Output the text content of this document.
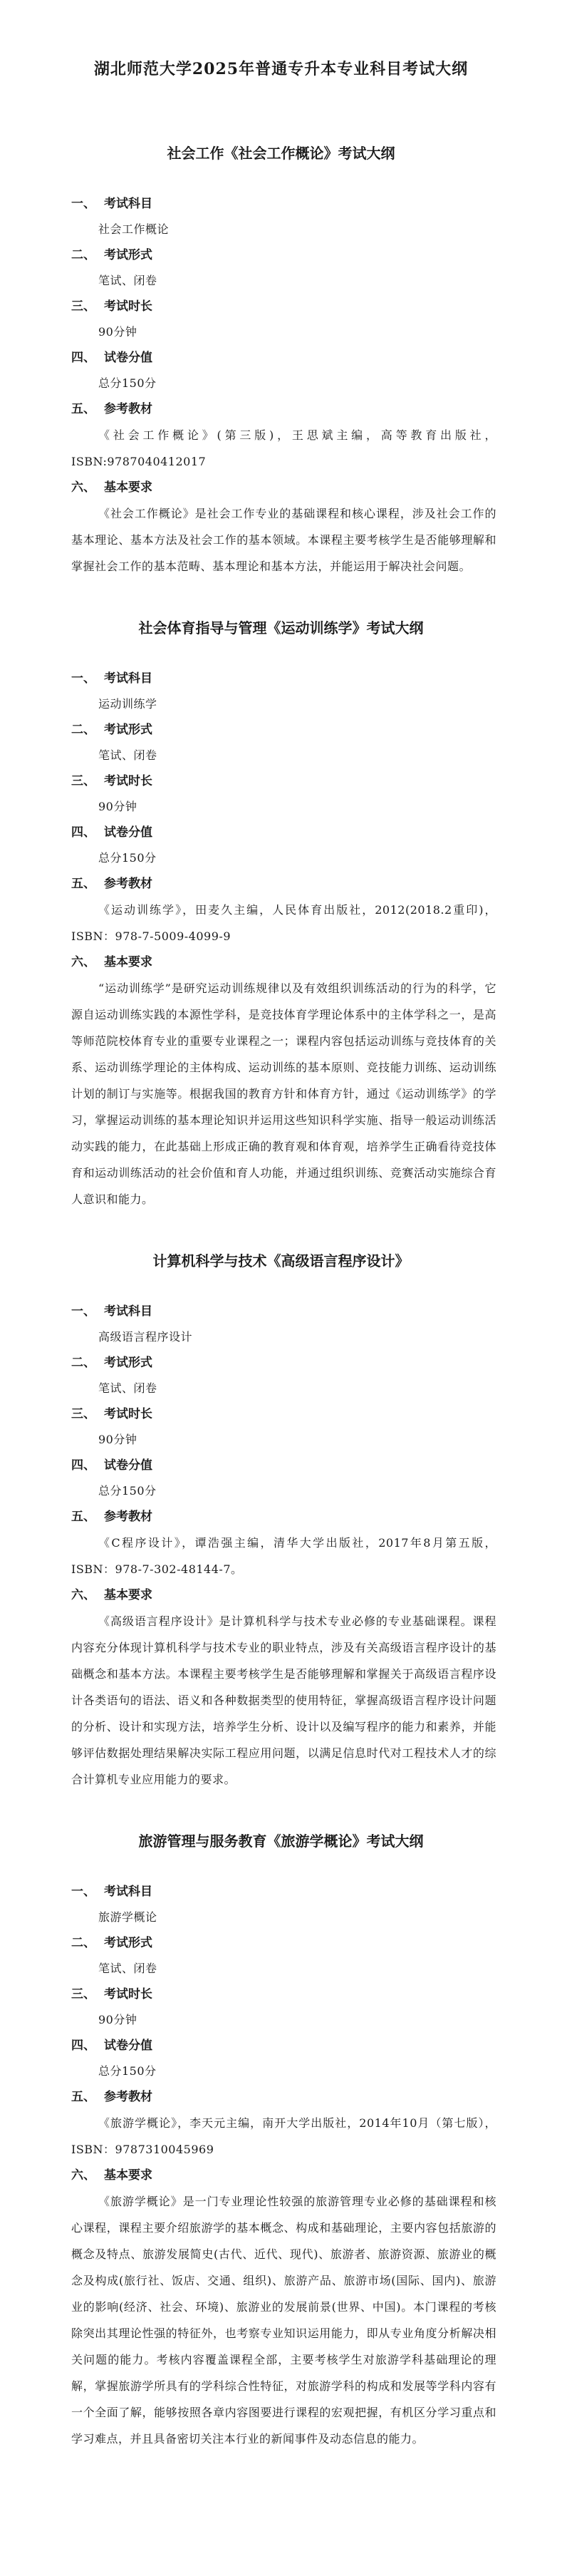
湖北师范大学2025年普通专升本专业科目考试大纲
社会工作《社会工作概论》考试大纲
一、 考试科目
社会工作概论
二、 考试形式
笔试、闭卷
三、 考试时长
90分钟
四、 试卷分值
总分150分
五、 参考教材
《社会工作概论》(第三版)，王思斌主编，高等教育出版社，ISBN:9787040412017
六、 基本要求
《社会工作概论》是社会工作专业的基础课程和核心课程，涉及社会工作的基本理论、基本方法及社会工作的基本领域。本课程主要考核学生是否能够理解和掌握社会工作的基本范畴、基本理论和基本方法，并能运用于解决社会问题。
社会体育指导与管理《运动训练学》考试大纲
一、 考试科目
运动训练学
二、 考试形式
笔试、闭卷
三、 考试时长
90分钟
四、 试卷分值
总分150分
五、 参考教材
《运动训练学》，田麦久主编，人民体育出版社，2012(2018.2重印)，ISBN：978-7-5009-4099-9
六、 基本要求
“运动训练学”是研究运动训练规律以及有效组织训练活动的行为的科学，它源自运动训练实践的本源性学科，是竞技体育学理论体系中的主体学科之一，是高等师范院校体育专业的重要专业课程之一；课程内容包括运动训练与竞技体育的关系、运动训练学理论的主体构成、运动训练的基本原则、竞技能力训练、运动训练计划的制订与实施等。根据我国的教育方针和体育方针，通过《运动训练学》的学习，掌握运动训练的基本理论知识并运用这些知识科学实施、指导一般运动训练活动实践的能力，在此基础上形成正确的教育观和体育观，培养学生正确看待竞技体育和运动训练活动的社会价值和育人功能，并通过组织训练、竞赛活动实施综合育人意识和能力。
计算机科学与技术《高级语言程序设计》
一、 考试科目
高级语言程序设计
二、 考试形式
笔试、闭卷
三、 考试时长
90分钟
四、 试卷分值
总分150分
五、 参考教材
《C程序设计》，谭浩强主编，清华大学出版社，2017年8月第五版，ISBN：978-7-302-48144-7。
六、 基本要求
《高级语言程序设计》是计算机科学与技术专业必修的专业基础课程。课程内容充分体现计算机科学与技术专业的职业特点，涉及有关高级语言程序设计的基础概念和基本方法。本课程主要考核学生是否能够理解和掌握关于高级语言程序设计各类语句的语法、语义和各种数据类型的使用特征，掌握高级语言程序设计问题的分析、设计和实现方法，培养学生分析、设计以及编写程序的能力和素养，并能够评估数据处理结果解决实际工程应用问题，以满足信息时代对工程技术人才的综合计算机专业应用能力的要求。
旅游管理与服务教育《旅游学概论》考试大纲
一、 考试科目
旅游学概论
二、 考试形式
笔试、闭卷
三、 考试时长
90分钟
四、 试卷分值
总分150分
五、 参考教材
《旅游学概论》，李天元主编，南开大学出版社，2014年10月（第七版），ISBN：9787310045969
六、 基本要求
《旅游学概论》是一门专业理论性较强的旅游管理专业必修的基础课程和核心课程，课程主要介绍旅游学的基本概念、构成和基础理论，主要内容包括旅游的概念及特点、旅游发展简史(古代、近代、现代)、旅游者、旅游资源、旅游业的概念及构成(旅行社、饭店、交通、组织)、旅游产品、旅游市场(国际、国内)、旅游业的影响(经济、社会、环境)、旅游业的发展前景(世界、中国)。本门课程的考核除突出其理论性强的特征外，也考察专业知识运用能力，即从专业角度分析解决相关问题的能力。考核内容覆盖课程全部，主要考核学生对旅游学科基础理论的理解，掌握旅游学所具有的学科综合性特征，对旅游学科的构成和发展等学科内容有一个全面了解，能够按照各章内容图要进行课程的宏观把握，有机区分学习重点和学习难点，并且具备密切关注本行业的新闻事件及动态信息的能力。
